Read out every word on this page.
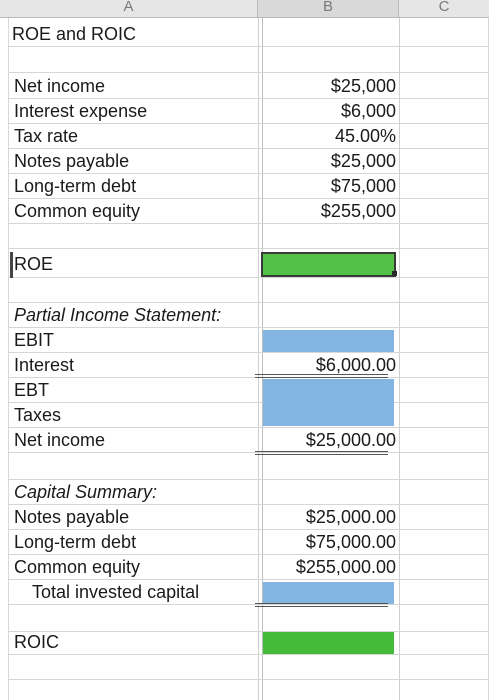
A	B	C
ROE and ROIC
Net income	$25,000
Interest expense	$6,000
Tax rate	45.00%
Notes payable	$25,000
Long-term debt	$75,000
Common equity	$255,000
ROE
Partial Income Statement:
EBIT
Interest	$6,000.00
EBT
Taxes
Net income	$25,000.00
Capital Summary:
Notes payable	$25,000.00
Long-term debt	$75,000.00
Common equity	$255,000.00
Total invested capital
ROIC
